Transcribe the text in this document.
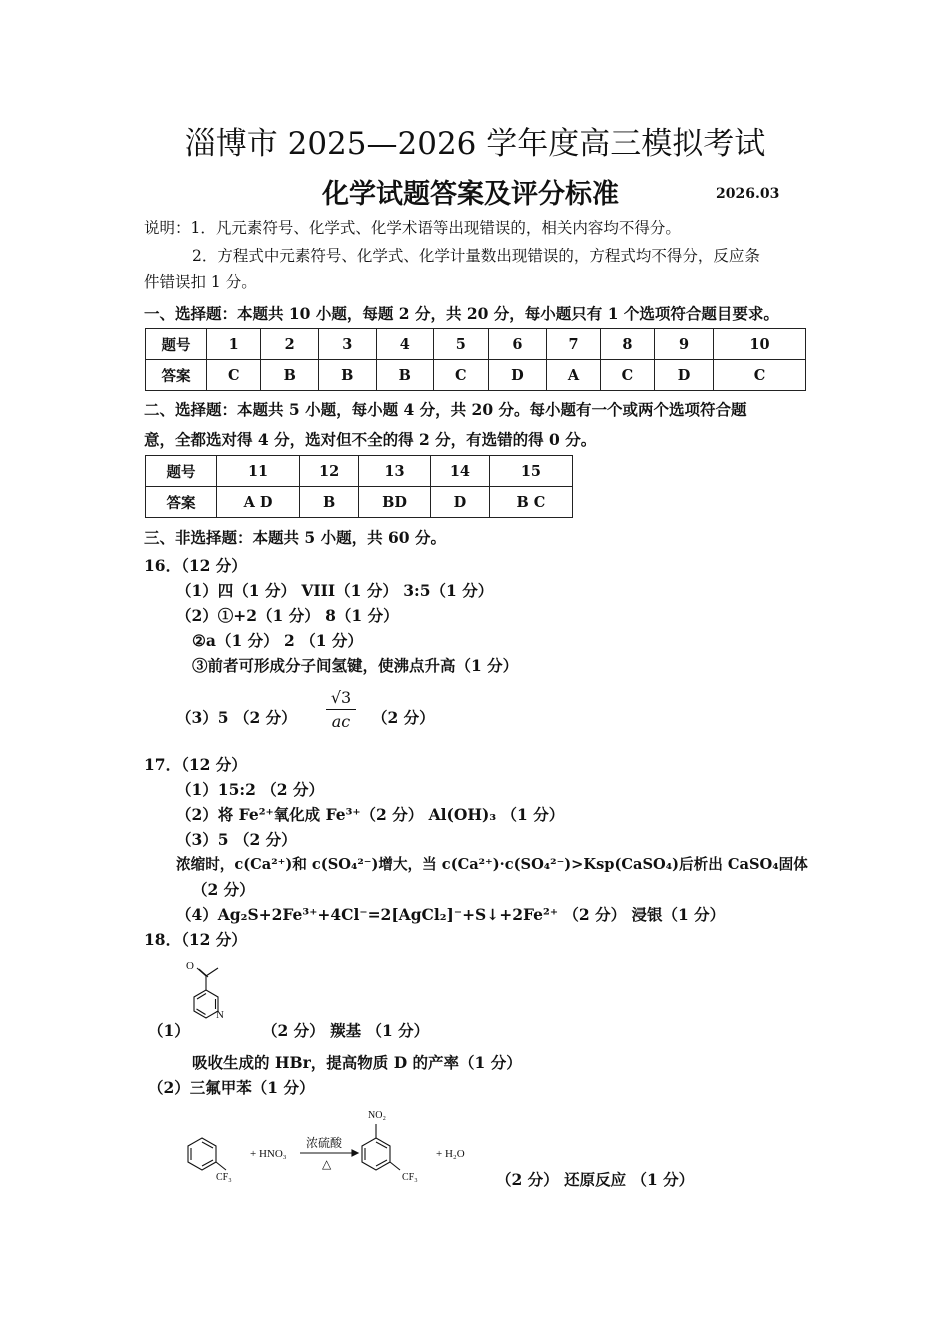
淄博市 2025—2026 学年度高三模拟考试
化学试题答案及评分标准	2026.03
说明：1．凡元素符号、化学式、化学术语等出现错误的，相关内容均不得分。
2．方程式中元素符号、化学式、化学计量数出现错误的，方程式均不得分，反应条
件错误扣 1 分。
一、选择题：本题共 10 小题，每题 2 分，共 20 分，每小题只有 1 个选项符合题目要求。
题号	1	2	3	4	5	6	7	8	9	10
答案	C	B	B	B	C	D	A	C	D	C
二、选择题：本题共 5 小题，每小题 4 分，共 20 分。每小题有一个或两个选项符合题
意，全都选对得 4 分，选对但不全的得 2 分，有选错的得 0 分。
题号	11	12	13	14	15
答案	A D	B	BD	D	B C
三、非选择题：本题共 5 小题，共 60 分。
16．（12 分）
（1）四（1 分） VIII（1 分） 3:5（1 分）
（2）①+2（1 分） 8（1 分）
②a（1 分） 2 （1 分）
③前者可形成分子间氢键，使沸点升高（1 分）
（3）5 （2 分） $\frac{√3}{ac} (2$ 分）
17．（12 分）
（1）15:2 （2 分）
（2）将 Fe²⁺氧化成 Fe³⁺（2 分） Al(OH)₃ （1 分）
（3）5 （2 分）
浓缩时，c(Ca²⁺)和 c(SO₄²⁻)增大，当 c(Ca²⁺)·c(SO₄²⁻)>Ksp(CaSO₄)后析出 CaSO₄固体
（2 分）
（4）Ag₂S+2Fe³⁺+4Cl⁻=2[AgCl₂]⁻+S↓+2Fe²⁺ （2 分） 浸银（1 分）
18．（12 分）
O
N
（1）	（2 分） 羰基 （1 分）
吸收生成的 HBr，提高物质 D 的产率（1 分）
（2）三氟甲苯（1 分）
CF₃
+ HNO₃
浓硫酸
△
NO₂
CF₃
+ H₂O
（2 分） 还原反应 （1 分）
